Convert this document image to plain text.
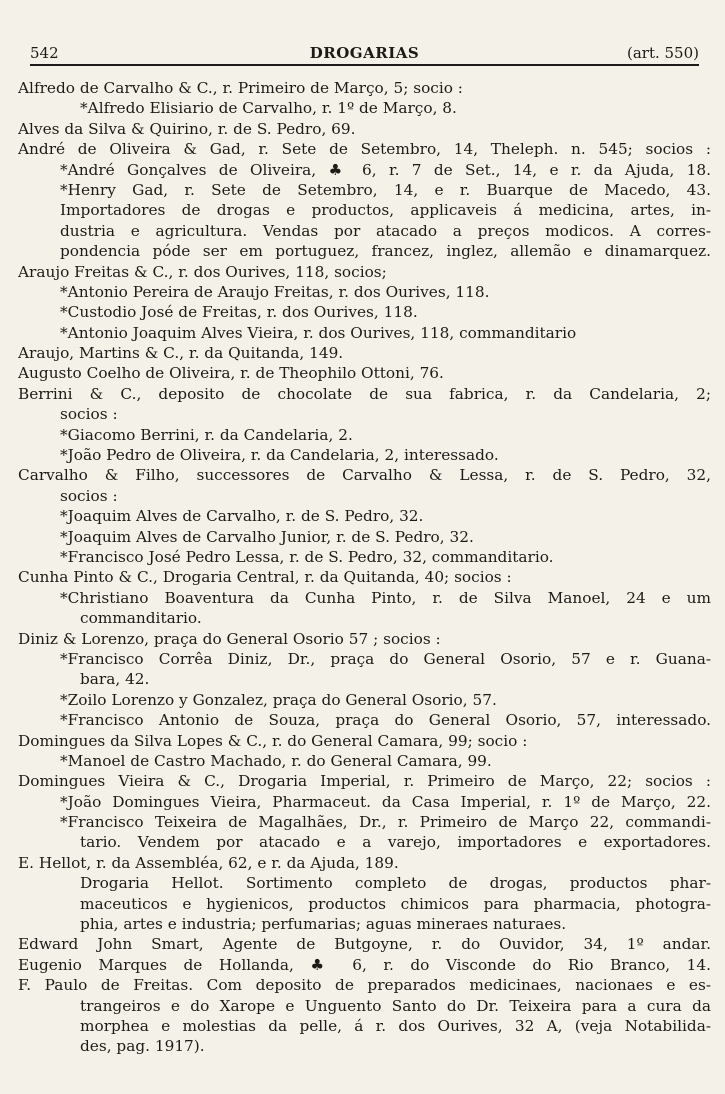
542	DROGARIAS	(art. 550)
Alfredo de Carvalho & C., r. Primeiro de Março, 5; socio :
*Alfredo Elisiario de Carvalho, r. 1º de Março, 8.
Alves da Silva & Quirino, r. de S. Pedro, 69.
André de Oliveira & Gad, r. Sete de Setembro, 14, Theleph. n. 545; socios :
*André Gonçalves de Oliveira, ♣ 6, r. 7 de Set., 14, e r. da Ajuda, 18.
*Henry Gad, r. Sete de Setembro, 14, e r. Buarque de Macedo, 43.
Importadores de drogas e productos, applicaveis á medicina, artes, in-
dustria e agricultura. Vendas por atacado a preços modicos. A corres-
pondencia póde ser em portuguez, francez, inglez, allemão e dinamarquez.
Araujo Freitas & C., r. dos Ourives, 118, socios;
*Antonio Pereira de Araujo Freitas, r. dos Ourives, 118.
*Custodio José de Freitas, r. dos Ourives, 118.
*Antonio Joaquim Alves Vieira, r. dos Ourives, 118, commanditario
Araujo, Martins & C., r. da Quitanda, 149.
Augusto Coelho de Oliveira, r. de Theophilo Ottoni, 76.
Berrini & C., deposito de chocolate de sua fabrica, r. da Candelaria, 2;
socios :
*Giacomo Berrini, r. da Candelaria, 2.
*João Pedro de Oliveira, r. da Candelaria, 2, interessado.
Carvalho & Filho, successores de Carvalho & Lessa, r. de S. Pedro, 32,
socios :
*Joaquim Alves de Carvalho, r. de S. Pedro, 32.
*Joaquim Alves de Carvalho Junior, r. de S. Pedro, 32.
*Francisco José Pedro Lessa, r. de S. Pedro, 32, commanditario.
Cunha Pinto & C., Drogaria Central, r. da Quitanda, 40; socios :
*Christiano Boaventura da Cunha Pinto, r. de Silva Manoel, 24 e um
commanditario.
Diniz & Lorenzo, praça do General Osorio 57 ; socios :
*Francisco Corrêa Diniz, Dr., praça do General Osorio, 57 e r. Guana-
bara, 42.
*Zoilo Lorenzo y Gonzalez, praça do General Osorio, 57.
*Francisco Antonio de Souza, praça do General Osorio, 57, interessado.
Domingues da Silva Lopes & C., r. do General Camara, 99; socio :
*Manoel de Castro Machado, r. do General Camara, 99.
Domingues Vieira & C., Drogaria Imperial, r. Primeiro de Março, 22; socios :
*João Domingues Vieira, Pharmaceut. da Casa Imperial, r. 1º de Março, 22.
*Francisco Teixeira de Magalhães, Dr., r. Primeiro de Março 22, commandi-
tario. Vendem por atacado e a varejo, importadores e exportadores.
E. Hellot, r. da Assembléa, 62, e r. da Ajuda, 189.
Drogaria Hellot. Sortimento completo de drogas, productos phar-
maceuticos e hygienicos, productos chimicos para pharmacia, photogra-
phia, artes e industria; perfumarias; aguas mineraes naturaes.
Edward John Smart, Agente de Butgoyne, r. do Ouvidor, 34, 1º andar.
Eugenio Marques de Hollanda, ♣ 6, r. do Visconde do Rio Branco, 14.
F. Paulo de Freitas. Com deposito de preparados medicinaes, nacionaes e es-
trangeiros e do Xarope e Unguento Santo do Dr. Teixeira para a cura da
morphea e molestias da pelle, á r. dos Ourives, 32 A, (veja Notabilida-
des, pag. 1917).
